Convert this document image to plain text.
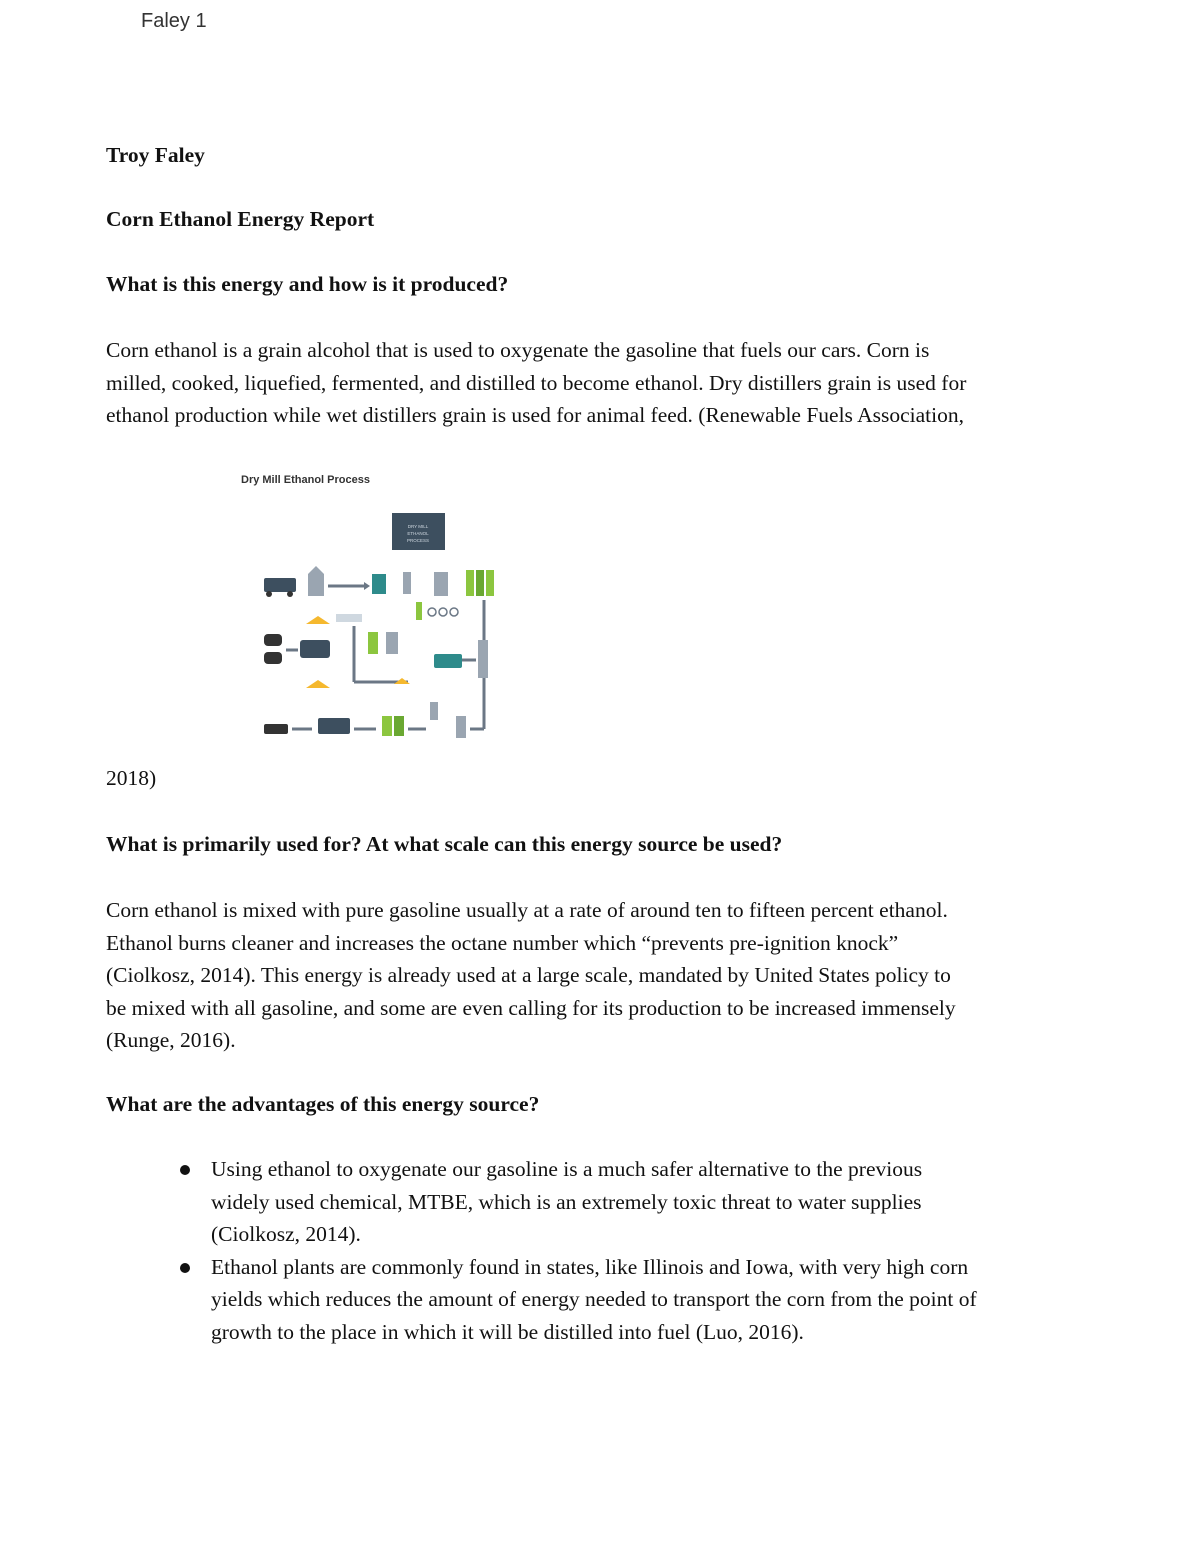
Faley 1
Troy Faley
Corn Ethanol Energy Report
What is this energy and how is it produced?

Corn ethanol is a grain alcohol that is used to oxygenate the gasoline that fuels our cars. Corn is

milled, cooked, liquefied, fermented, and distilled to become ethanol. Dry distillers grain is used for

ethanol production while wet distillers grain is used for animal feed. (Renewable Fuels Association,

Dry Mill Ethanol Process
DRY MILL
ETHANOL
PROCESS
2018)
What is primarily used for? At what scale can this energy source be used?

Corn ethanol is mixed with pure gasoline usually at a rate of around ten to fifteen percent ethanol.

Ethanol burns cleaner and increases the octane number which “prevents pre-ignition knock”

(Ciolkosz, 2014). This energy is already used at a large scale, mandated by United States policy to

be mixed with all gasoline, and some are even calling for its production to be increased immensely

(Runge, 2016).

What are the advantages of this energy source?

Using ethanol to oxygenate our gasoline is a much safer alternative to the previous

widely used chemical, MTBE, which is an extremely toxic threat to water supplies

(Ciolkosz, 2014).

Ethanol plants are commonly found in states, like Illinois and Iowa, with very high corn

yields which reduces the amount of energy needed to transport the corn from the point of

growth to the place in which it will be distilled into fuel (Luo, 2016).
